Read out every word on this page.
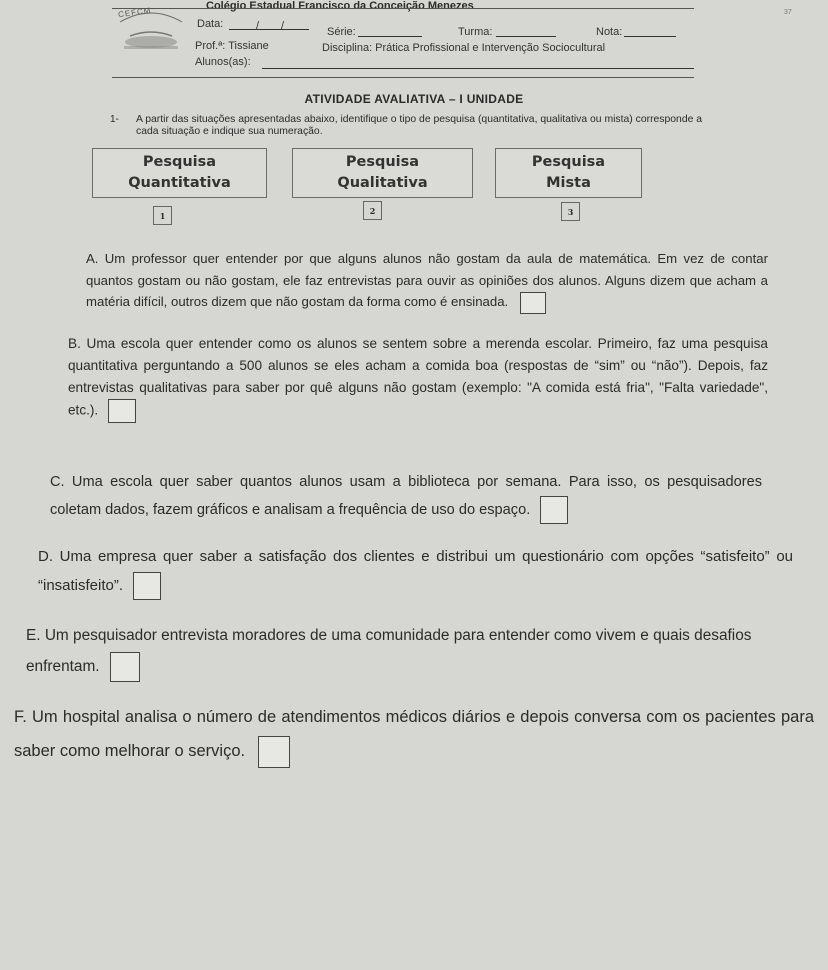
Colégio Estadual Francisco da Conceição Menezes
37
CEFCM
Data:	/ /	Série:	Turma:	Nota:
Prof.ª: Tissiane	Disciplina: Prática Profissional e Intervenção Sociocultural
Alunos(as):
ATIVIDADE AVALIATIVA – I UNIDADE
1- A partir das situações apresentadas abaixo, identifique o tipo de pesquisa (quantitativa, qualitativa ou mista) corresponde a cada situação e indique sua numeração.
Pesquisa
Quantitativa
Pesquisa
Qualitativa
Pesquisa
Mista
1	2	3
A. Um professor quer entender por que alguns alunos não gostam da aula de matemática. Em vez de contar quantos gostam ou não gostam, ele faz entrevistas para ouvir as opiniões dos alunos. Alguns dizem que acham a matéria difícil, outros dizem que não gostam da forma como é ensinada.
B. Uma escola quer entender como os alunos se sentem sobre a merenda escolar. Primeiro, faz uma pesquisa quantitativa perguntando a 500 alunos se eles acham a comida boa (respostas de “sim” ou “não”). Depois, faz entrevistas qualitativas para saber por quê alguns não gostam (exemplo: "A comida está fria", "Falta variedade", etc.).
C. Uma escola quer saber quantos alunos usam a biblioteca por semana. Para isso, os pesquisadores coletam dados, fazem gráficos e analisam a frequência de uso do espaço.
D. Uma empresa quer saber a satisfação dos clientes e distribui um questionário com opções “satisfeito” ou “insatisfeito”.
E. Um pesquisador entrevista moradores de uma comunidade para entender como vivem e quais desafios enfrentam.
F. Um hospital analisa o número de atendimentos médicos diários e depois conversa com os pacientes para saber como melhorar o serviço.
